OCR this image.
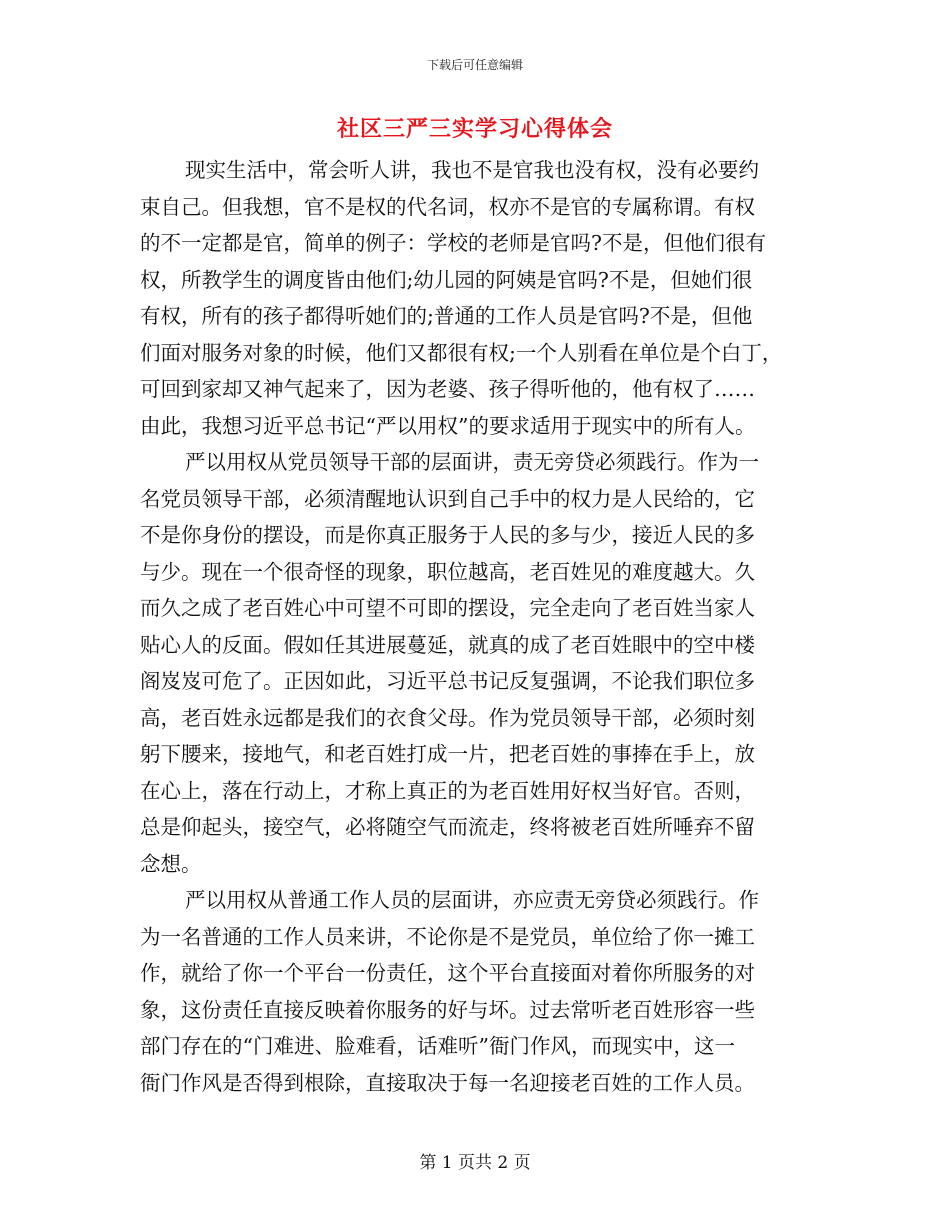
下载后可任意编辑
社区三严三实学习心得体会
现实生活中，常会听人讲，我也不是官我也没有权，没有必要约
束自己。但我想，官不是权的代名词，权亦不是官的专属称谓。有权
的不一定都是官，简单的例子：学校的老师是官吗?不是，但他们很有
权，所教学生的调度皆由他们;幼儿园的阿姨是官吗?不是，但她们很
有权，所有的孩子都得听她们的;普通的工作人员是官吗?不是，但他
们面对服务对象的时候，他们又都很有权;一个人别看在单位是个白丁，
可回到家却又神气起来了，因为老婆、孩子得听他的，他有权了……
由此，我想习近平总书记“严以用权”的要求适用于现实中的所有人。
严以用权从党员领导干部的层面讲，责无旁贷必须践行。作为一
名党员领导干部，必须清醒地认识到自己手中的权力是人民给的，它
不是你身份的摆设，而是你真正服务于人民的多与少，接近人民的多
与少。现在一个很奇怪的现象，职位越高，老百姓见的难度越大。久
而久之成了老百姓心中可望不可即的摆设，完全走向了老百姓当家人
贴心人的反面。假如任其进展蔓延，就真的成了老百姓眼中的空中楼
阁岌岌可危了。正因如此，习近平总书记反复强调，不论我们职位多
高，老百姓永远都是我们的衣食父母。作为党员领导干部，必须时刻
躬下腰来，接地气，和老百姓打成一片，把老百姓的事捧在手上，放
在心上，落在行动上，才称上真正的为老百姓用好权当好官。否则，
总是仰起头，接空气，必将随空气而流走，终将被老百姓所唾弃不留
念想。
严以用权从普通工作人员的层面讲，亦应责无旁贷必须践行。作
为一名普通的工作人员来讲，不论你是不是党员，单位给了你一摊工
作，就给了你一个平台一份责任，这个平台直接面对着你所服务的对
象，这份责任直接反映着你服务的好与坏。过去常听老百姓形容一些
部门存在的“门难进、脸难看，话难听”衙门作风，而现实中，这一
衙门作风是否得到根除，直接取决于每一名迎接老百姓的工作人员。
第 1 页共 2 页
